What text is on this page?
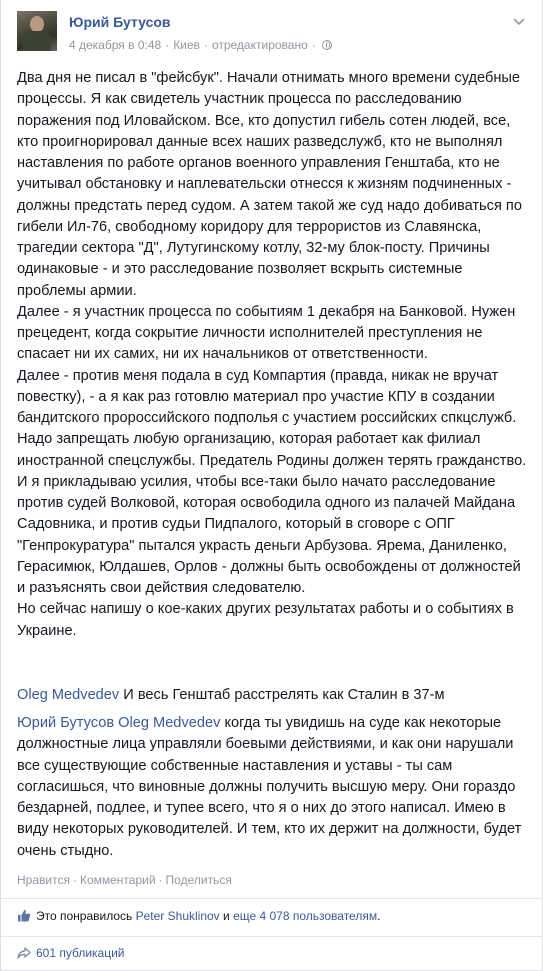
Юрий Бутусов
4 декабря в 0:48 · Киев · отредактировано ·

Два дня не писал в "фейсбук". Начали отнимать много времени судебные процессы. Я как свидетель участник процесса по расследованию поражения под Иловайском. Все, кто допустил гибель сотен людей, все, кто проигнорировал данные всех наших разведслужб, кто не выполнял наставления по работе органов военного управления Генштаба, кто не учитывал обстановку и наплевательски отнесся к жизням подчиненных - должны предстать перед судом. А затем такой же суд надо добиваться по гибели Ил-76, свободному коридору для террористов из Славянска, трагедии сектора "Д", Лутугинскому котлу, 32-му блок-посту. Причины одинаковые - и это расследование позволяет вскрыть системные проблемы армии.

Далее - я участник процесса по событиям 1 декабря на Банковой. Нужен прецедент, когда сокрытие личности исполнителей преступления не спасает ни их самих, ни их начальников от ответственности.

Далее - против меня подала в суд Компартия (правда, никак не вручат повестку), - а я как раз готовлю материал про участие КПУ в создании бандитского пророссийского подполья с участием российских спкцслужб. Надо запрещать любую организацию, которая работает как филиал иностранной спецслужбы. Предатель Родины должен терять гражданство.

И я прикладываю усилия, чтобы все-таки было начато расследование против судей Волковой, которая освободила одного из палачей Майдана Садовника, и против судьи Пидпалого, который в сговоре с ОПГ "Генпрокуратура" пытался украсть деньги Арбузова. Ярема, Даниленко, Герасимюк, Юлдашев, Орлов - должны быть освобождены от должностей и разъяснять свои действия следователю.

Но сейчас напишу о кое-каких других результатах работы и о событиях в Украине.

Oleg Medvedev И весь Генштаб расстрелять как Сталин в 37-м
Юрий Бутусов Oleg Medvedev когда ты увидишь на суде как некоторые должностные лица управляли боевыми действиями, и как они нарушали все существующие собственные наставления и уставы - ты сам согласишься, что виновные должны получить высшую меру. Они гораздо бездарней, подлее, и тупее всего, что я о них до этого написал. Имею в виду некоторых руководителей. И тем, кто их держит на должности, будет очень стыдно.
Нравится · Комментарий · Поделиться
Это понравилось Peter Shuklinov и еще 4 078 пользователям.
601 публикаций
